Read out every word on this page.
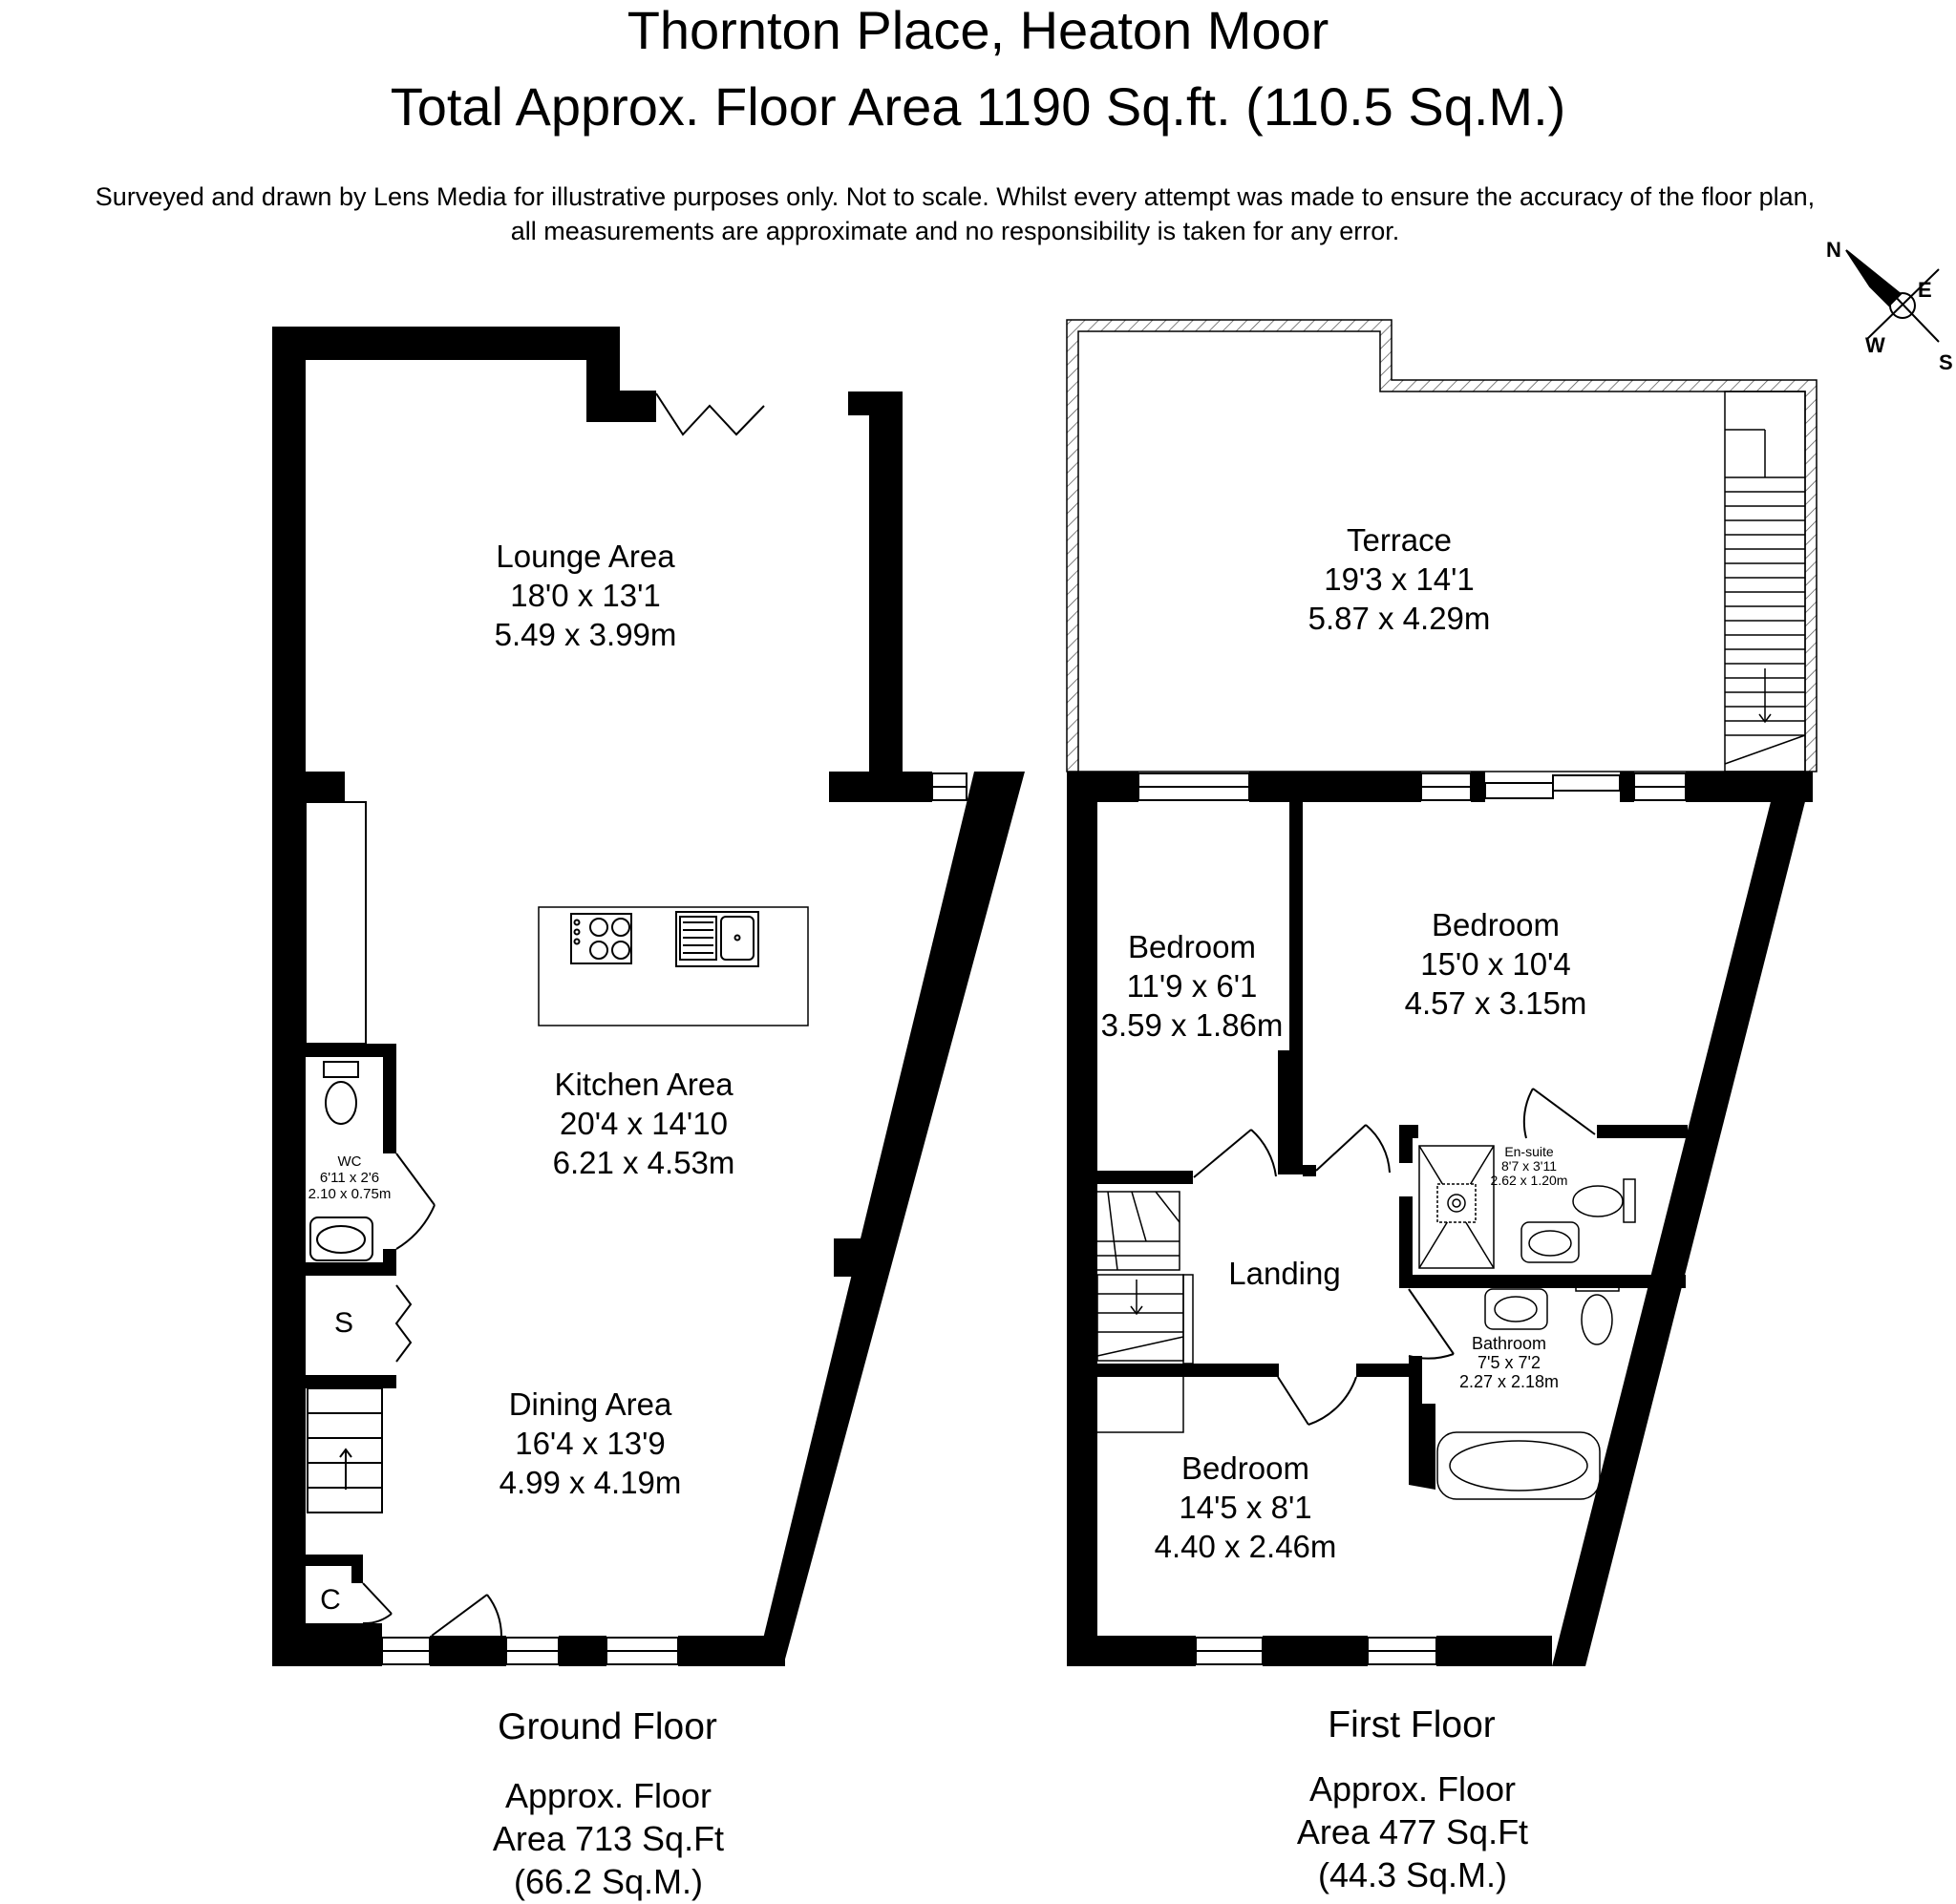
Thornton Place, Heaton Moor
Total Approx. Floor Area 1190 Sq.ft. (110.5 Sq.M.)
Surveyed and drawn by Lens Media for illustrative purposes only. Not to scale. Whilst every attempt was made to ensure the accuracy of the floor plan,
all measurements are approximate and no responsibility is taken for any error.
N
E
S
W
Lounge Area
18'0 x 13'1
5.49 x 3.99m
Kitchen Area
20'4 x 14'10
6.21 x 4.53m
Dining Area
16'4 x 13'9
4.99 x 4.19m
WC
6'11 x 2'6
2.10 x 0.75m
S
C
Ground Floor
Approx. Floor
Area 713 Sq.Ft
(66.2 Sq.M.)
Terrace
19'3 x 14'1
5.87 x 4.29m
Bedroom
11'9 x 6'1
3.59 x 1.86m
Bedroom
15'0 x 10'4
4.57 x 3.15m
Bedroom
14'5 x 8'1
4.40 x 2.46m
Landing
En-suite
8'7 x 3'11
2.62 x 1.20m
Bathroom
7'5 x 7'2
2.27 x 2.18m
First Floor
Approx. Floor
Area 477 Sq.Ft
(44.3 Sq.M.)
